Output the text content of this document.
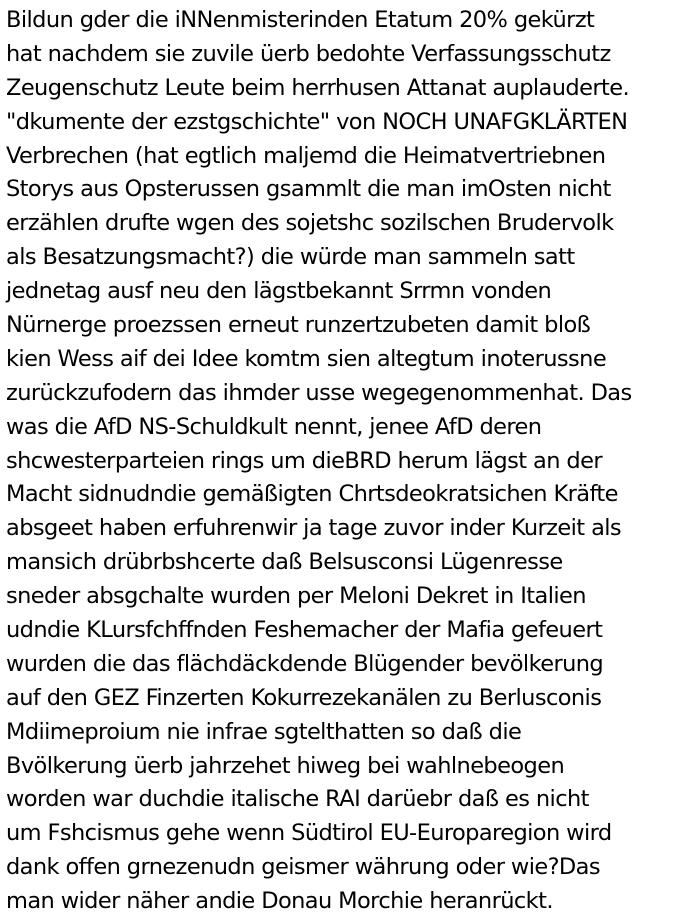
Bildun gder die iNNenmisterinden Etatum 20% gekürzt
hat nachdem sie zuvile üerb bedohte Verfassungsschutz
Zeugenschutz Leute beim herrhusen Attanat auplauderte.
"dkumente der ezstgschichte" von NOCH UNAFGKLÄRTEN
Verbrechen (hat egtlich maljemd die Heimatvertriebnen
Storys aus Opsterussen gsammlt die man imOsten nicht
erzählen drufte wgen des sojetshc sozilschen Brudervolk
als Besatzungsmacht?) die würde man sammeln satt
jednetag ausf neu den lägstbekannt Srrmn vonden
Nürnerge proezssen erneut runzertzubeten damit bloß
kien Wess aif dei Idee komtm sien altegtum inoterussne
zurückzufodern das ihmder usse wegegenommenhat. Das
was die AfD NS-Schuldkult nennt, jenee AfD deren
shcwesterparteien rings um dieBRD herum lägst an der
Macht sidnudndie gemäßigten Chrtsdeokratsichen Kräfte
absgeet haben erfuhrenwir ja tage zuvor inder Kurzeit als
mansich drübrbshcerte daß Belsusconsi Lügenresse
sneder absgchalte wurden per Meloni Dekret in Italien
udndie KLursfchffnden Feshemacher der Mafia gefeuert
wurden die das flächdäckdende Blügender bevölkerung
auf den GEZ Finzerten Kokurrezekanälen zu Berlusconis
Mdiimeproium nie infrae sgtelthatten so daß die
Bvölkerung üerb jahrzehet hiweg bei wahlnebeogen
worden war duchdie italische RAI darüebr daß es nicht
um Fshcismus gehe wenn Südtirol EU-Europaregion wird
dank offen grnezenudn geismer währung oder wie?Das
man wider näher andie Donau Morchie heranrückt.
